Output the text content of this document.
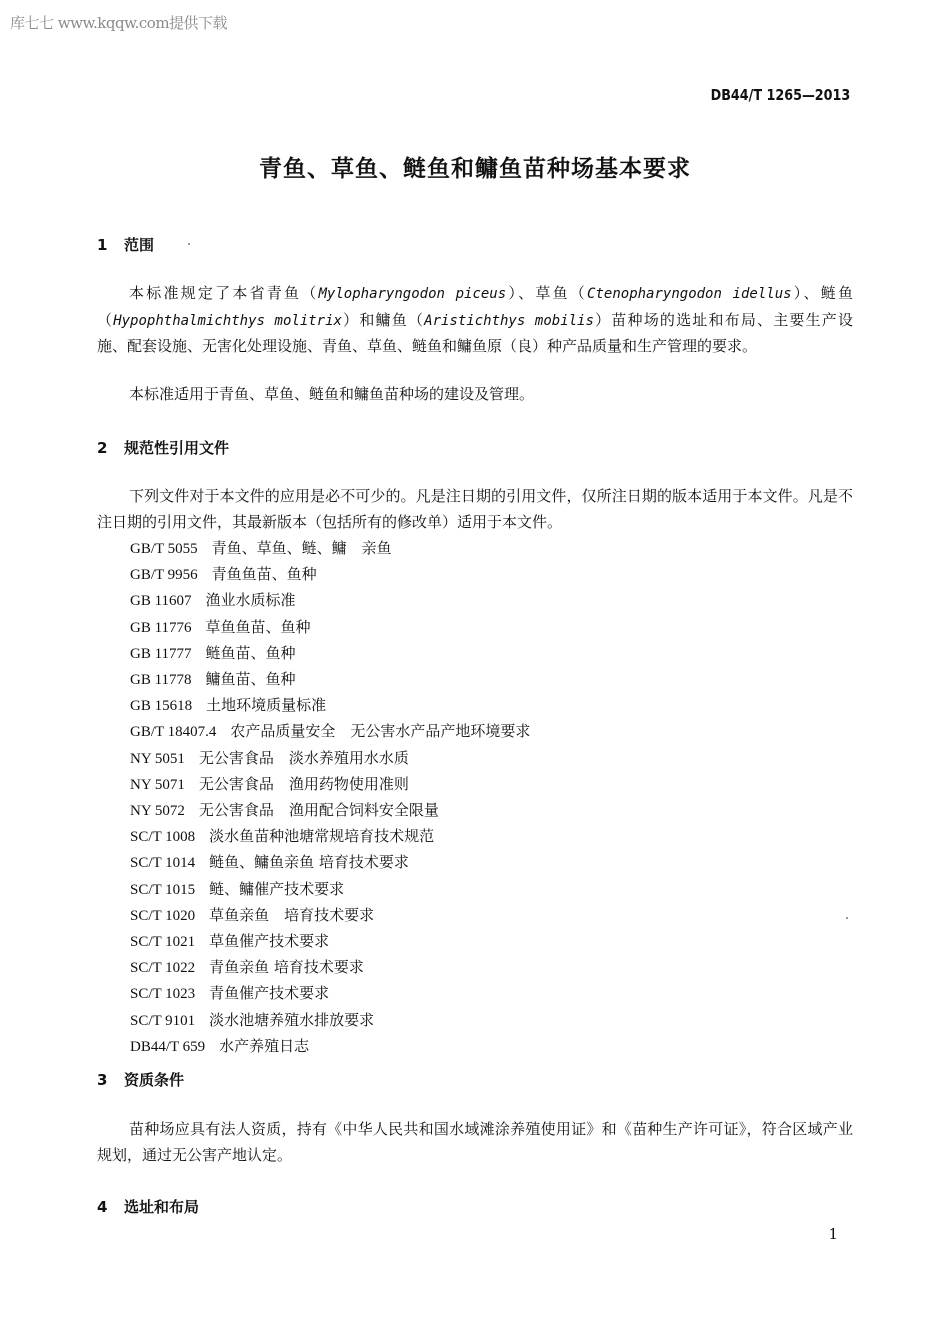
库七七 www.kqqw.com提供下载
DB44/T 1265—2013
青鱼、草鱼、鲢鱼和鳙鱼苗种场基本要求
1 范围
本标准规定了本省青鱼（Mylopharyngodon piceus）、草鱼（Ctenopharyngodon idellus）、鲢鱼（Hypophthalmichthys molitrix）和鳙鱼（Aristichthys mobilis）苗种场的选址和布局、主要生产设施、配套设施、无害化处理设施、青鱼、草鱼、鲢鱼和鳙鱼原（良）种产品质量和生产管理的要求。
本标准适用于青鱼、草鱼、鲢鱼和鳙鱼苗种场的建设及管理。
2 规范性引用文件
下列文件对于本文件的应用是必不可少的。凡是注日期的引用文件，仅所注日期的版本适用于本文件。凡是不注日期的引用文件，其最新版本（包括所有的修改单）适用于本文件。
GB/T 5055 青鱼、草鱼、鲢、鳙　亲鱼
GB/T 9956 青鱼鱼苗、鱼种
GB 11607 渔业水质标准
GB 11776 草鱼鱼苗、鱼种
GB 11777 鲢鱼苗、鱼种
GB 11778 鳙鱼苗、鱼种
GB 15618 土地环境质量标准
GB/T 18407.4 农产品质量安全　无公害水产品产地环境要求
NY 5051 无公害食品　淡水养殖用水水质
NY 5071 无公害食品　渔用药物使用准则
NY 5072 无公害食品　渔用配合饲料安全限量
SC/T 1008 淡水鱼苗种池塘常规培育技术规范
SC/T 1014 鲢鱼、鳙鱼亲鱼 培育技术要求
SC/T 1015 鲢、鳙催产技术要求
SC/T 1020 草鱼亲鱼　培育技术要求
SC/T 1021 草鱼催产技术要求
SC/T 1022 青鱼亲鱼 培育技术要求
SC/T 1023 青鱼催产技术要求
SC/T 9101 淡水池塘养殖水排放要求
DB44/T 659 水产养殖日志
3 资质条件
苗种场应具有法人资质，持有《中华人民共和国水域滩涂养殖使用证》和《苗种生产许可证》，符合区域产业规划，通过无公害产地认定。
4 选址和布局
1
